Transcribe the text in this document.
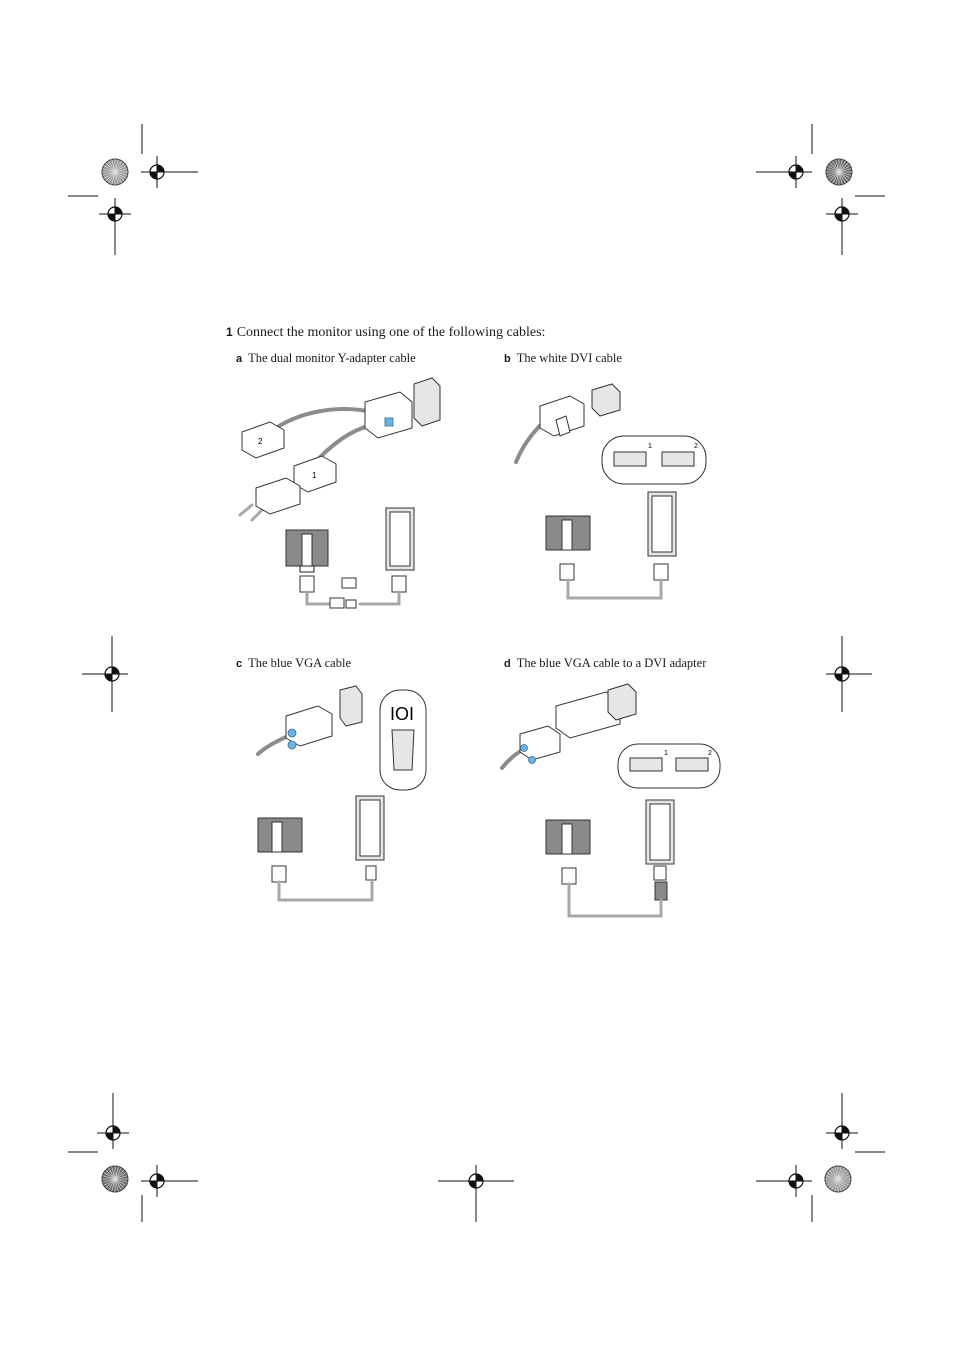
1 Connect the monitor using one of the following cables:
a The dual monitor Y-adapter cable	b The white DVI cable
c The blue VGA cable	d The blue VGA cable to a DVI adapter
2
1
1	2
IOI
1	2
